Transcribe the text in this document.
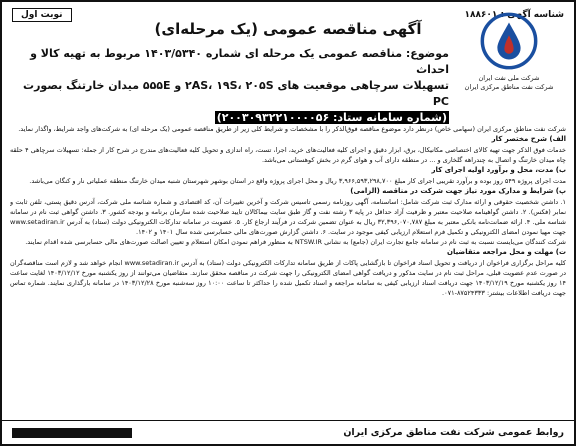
شناسه آگهی : ۱۸۸۶۰۱
نوبت اول
آگهی مناقصه عمومی (یک مرحله‌ای)
شرکت ملی نفت ایران
شرکت نفت مناطق مرکزی ایران
موضوع: مناقصه عمومی یک مرحله ای شماره ۱۴۰۳/۵۳۴۰ مربوط به تهیه کالا و احداث
تسهیلات سرچاهی موقعیت های ۲AS، ۱۹S، ۲۰۵S و ۵۵۵E میدان خارتنگ بصورت PC
(شماره سامانه ستاد: ۲۰۰۳۰۹۳۲۲۱۰۰۰۰۵۶)

شرکت نفت مناطق مرکزی ایران (سهامی خاص) درنظر دارد موضوع مناقصه فوق‌الذکر را با مشخصات و شرایط کلی زیر از طریق مناقصه عمومی (یک مرحله ای) به شرکت‌های واجد شرایط، واگذار نماید.

الف) شرح مختصر کار

خدمات فوق الذکر جهت تهیه کالای اختصاصی مکانیکال، برق، ابزار دقیق و اجرای کلیه فعالیت‌های خرید، اجرا، تست، راه اندازی و تحویل کلیه فعالیت‌های مندرج در شرح کار از جمله: تسهیلات سرچاهی ۴ حلقه چاه میدان خارتنگ و اتصال به چندراهه گلخاری و ... در منطقه دارای آب و هوای گرم در بخش کوهستانی می‌باشد.

ب) مدت، محل و برآورد اولیه اجرای کار

مدت اجرای پروژه ۵۴۹ روز بوده و برآورد تقریبی اجرای کار مبلغ ۳,۹۶۶,۵۹۳,۲۹۸,۷۰۰ ریال و محل اجرای پروژه واقع در استان بوشهر شهرستان شنبه میدان خارتنگ منطقه عملیاتی نار و کنگان می‌باشد.

پ) شرایط و مدارک مورد نیاز جهت شرکت در مناقصه (الزامی)

۱. داشتن شخصیت حقوقی و ارائه مدارک ثبت شرکت شامل: اساسنامه، آگهی روزنامه رسمی تاسیس شرکت و آخرین تغییرات آن، کد اقتصادی و شماره شناسه ملی شرکت، آدرس دقیق پستی، تلفن ثابت و نمابر (فکس). ۲. داشتن گواهینامه صلاحیت معتبر و ظرفیت آزاد حداقل در پایه ۳ رشته نفت و گاز طبق سایت بیماکالان تایید صلاحیت شده سازمان برنامه و بودجه کشور. ۳. داشتن گواهی ثبت نام در سامانه شناسه ملی. ۴. ارائه ضمانت‌نامه بانکی معتبر به مبلغ ۳۲,۳۹۶,۰۷۰,۷۸۷ ریال به عنوان تضمین شرکت در فرآیند ارجاع کار. ۵. عضویت در سامانه تدارکات الکترونیکی دولت (ستاد) به آدرس www.setadiran.ir جهت مهیا نمودن امضای الکترونیکی و تکمیل فرم استعلام ارزیابی کیفی موجود در سایت. ۶. داشتن گزارش صورت‌های مالی حسابرسی شده سال ۱۴۰۱ و ۱۴۰۲.

شرکت کنندگان می‌بایست نسبت به ثبت نام در سامانه جامع تجارت ایران (جامع) به نشانی NTSW.IR به منظور فراهم نمودن امکان استعلام و تعیین اصالت صورت‌های مالی حسابرسی شده اقدام نمایند.

ت) مهلت و محل مراجعه متقاضیان

کلیه مراحل برگزاری فراخوان از دریافت و تحویل اسناد فراخوان تا بازگشایی پاکات از طریق سامانه تدارکات الکترونیکی دولت (ستاد) به آدرس www.setadiran.ir انجام خواهد شد و لازم است مناقصه‌گران در صورت عدم عضویت قبلی، مراحل ثبت نام در سایت مذکور و دریافت گواهی امضای الکترونیکی را جهت شرکت در مناقصه محقق سازند. متقاضیان می‌توانند از روز یکشنبه مورخ ۱۴۰۳/۱۲/۱۲ لغایت ساعت ۱۴ روز یکشنبه مورخ ۱۴۰۳/۱۲/۱۹ جهت دریافت اسناد ارزیابی کیفی به سامانه مراجعه و اسناد تکمیل شده را حداکثر تا ساعت ۱۰:۰۰ روز سه‌شنبه مورخ ۱۴۰۳/۱۲/۲۸ در سامانه بارگذاری نمایند. شماره تماس جهت دریافت اطلاعات بیشتر: ۸۷۵۲۴۳۳۳-۰۷۱.

روابط عمومی شرکت نفت مناطق مرکزی ایران
